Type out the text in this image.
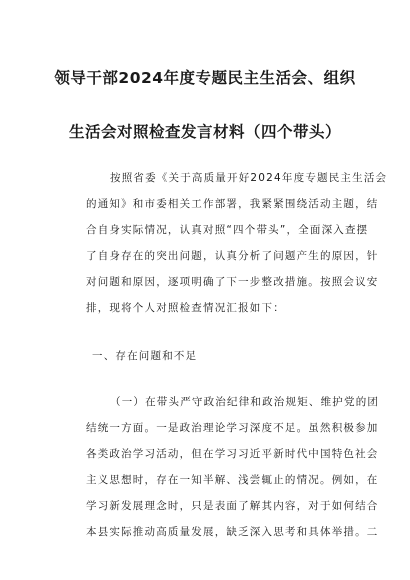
领导干部2024年度专题民主生活会、组织
生活会对照检查发言材料（四个带头）
按照省委《关于高质量开好2024年度专题民主生活会
的通知》和市委相关工作部署，我紧紧围绕活动主题，结
合自身实际情况，认真对照“四个带头”，全面深入查摆
了自身存在的突出问题，认真分析了问题产生的原因，针
对问题和原因，逐项明确了下一步整改措施。按照会议安
排，现将个人对照检查情况汇报如下：
一、存在问题和不足
（一）在带头严守政治纪律和政治规矩、维护党的团
结统一方面。一是政治理论学习深度不足。虽然积极参加
各类政治学习活动，但在学习习近平新时代中国特色社会
主义思想时，存在一知半解、浅尝辄止的情况。例如，在
学习新发展理念时，只是表面了解其内容，对于如何结合
本县实际推动高质量发展，缺乏深入思考和具体举措。二
